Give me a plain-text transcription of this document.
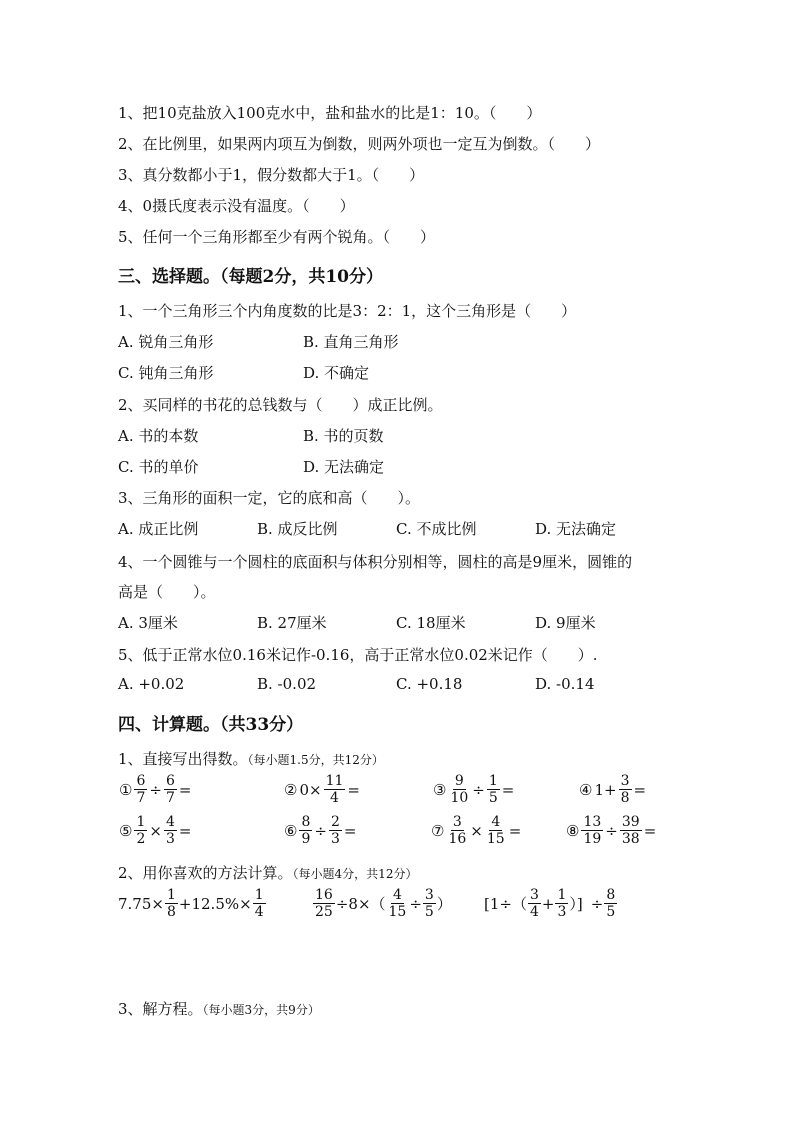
1、把10克盐放入100克水中，盐和盐水的比是1：10。（　　）
2、在比例里，如果两内项互为倒数，则两外项也一定互为倒数。（　　）
3、真分数都小于1，假分数都大于1。（　　）
4、0摄氏度表示没有温度。（　　）
5、任何一个三角形都至少有两个锐角。（　　）
三、选择题。（每题2分，共10分）
1、一个三角形三个内角度数的比是3：2：1，这个三角形是（　　）
A. 锐角三角形	B. 直角三角形
C. 钝角三角形	D. 不确定
2、买同样的书花的总钱数与（　　）成正比例。
A. 书的本数	B. 书的页数
C. 书的单价	D. 无法确定
3、三角形的面积一定，它的底和高（　　）。
A. 成正比例	B. 成反比例	C. 不成比例	D. 无法确定
4、一个圆锥与一个圆柱的底面积与体积分别相等，圆柱的高是9厘米，圆锥的
高是（　　）。
A. 3厘米	B. 27厘米	C. 18厘米	D. 9厘米
5、低于正常水位0.16米记作-0.16，高于正常水位0.02米记作（　　）.
A. +0.02	B. -0.02	C. +0.18	D. -0.14
四、计算题。（共33分）
1、直接写出得数。（每小题1.5分，共12分）
① $\frac{6}{7} \div \frac{6}{7}$ =	② $0\times \frac{11}{4}$ =	③ $\frac{9}{10} \div \frac{1}{5}$ =	④ $1+ \frac{3}{8}$ =
⑤ $\frac{1}{2} \times \frac{4}{3}$ =	⑥ $\frac{8}{9} \div \frac{2}{3}$ =	⑦ $\frac{3}{16} \times \frac{4}{15}$ =	⑧ $\frac{13}{19} \div \frac{39}{38}$ =
2、用你喜欢的方法计算。（每小题4分，共12分）
$7.75\times \frac{1}{8} +12.5\%\times \frac{1}{4}$	$\frac{16}{25} \div 8\times( \frac{4}{15} \div \frac{3}{5}$ ） [$1\div( \frac{3}{4} + \frac{1}{3}$ ）] ÷ $\frac{8}{5}$
3、解方程。（每小题3分，共9分）
